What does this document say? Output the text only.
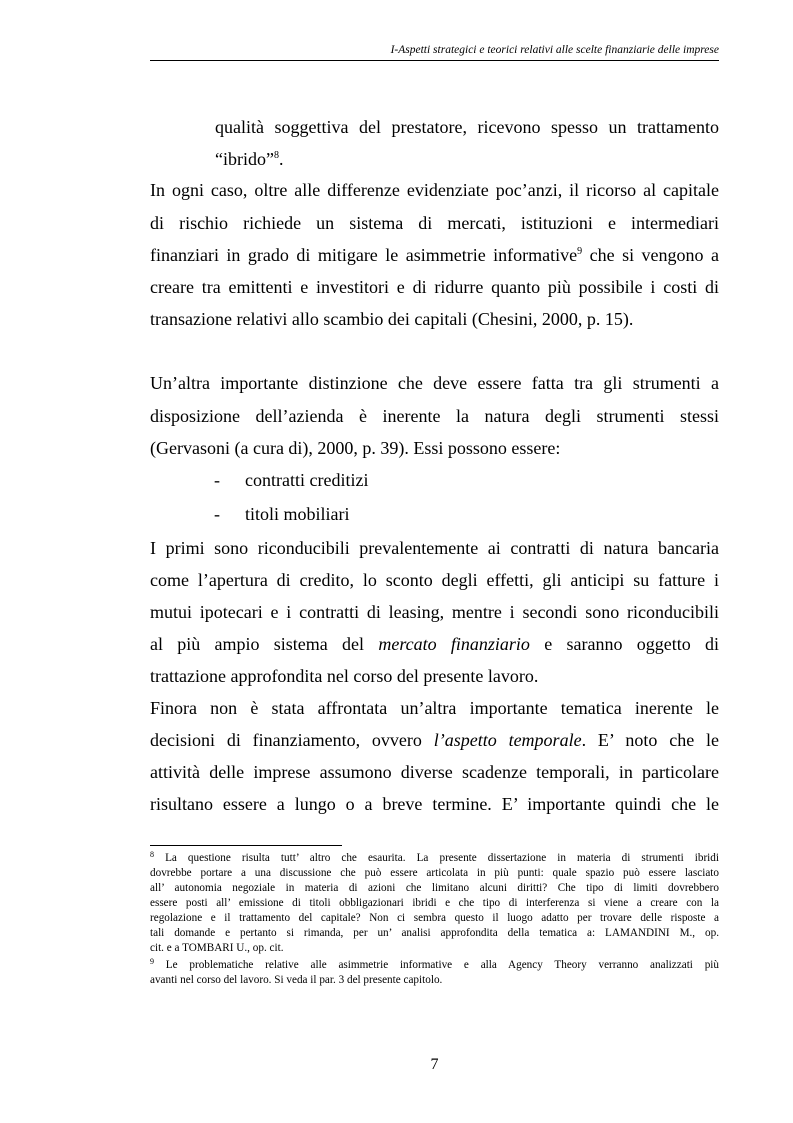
I-Aspetti strategici e teorici relativi alle scelte finanziarie delle imprese
qualità soggettiva del prestatore, ricevono spesso un trattamento
“ibrido”$^8$.
In ogni caso, oltre alle differenze evidenziate poc’anzi, il ricorso al capitale
di rischio richiede un sistema di mercati, istituzioni e intermediari
finanziari in grado di mitigare le asimmetrie informative$^9$ che si vengono a
creare tra emittenti e investitori e di ridurre quanto più possibile i costi di
transazione relativi allo scambio dei capitali (Chesini, 2000, p. 15).
Un’altra importante distinzione che deve essere fatta tra gli strumenti a
disposizione dell’azienda è inerente la natura degli strumenti stessi
(Gervasoni (a cura di), 2000, p. 39). Essi possono essere:
-	contratti creditizi
-	titoli mobiliari
I primi sono riconducibili prevalentemente ai contratti di natura bancaria
come l’apertura di credito, lo sconto degli effetti, gli anticipi su fatture i
mutui ipotecari e i contratti di leasing, mentre i secondi sono riconducibili
al più ampio sistema del mercato finanziario e saranno oggetto di
trattazione approfondita nel corso del presente lavoro.
Finora non è stata affrontata un’altra importante tematica inerente le
decisioni di finanziamento, ovvero l’aspetto temporale. E’ noto che le
attività delle imprese assumono diverse scadenze temporali, in particolare
risultano essere a lungo o a breve termine. E’ importante quindi che le
$^8$ La questione risulta tutt’ altro che esaurita. La presente dissertazione in materia di strumenti ibridi
dovrebbe portare a una discussione che può essere articolata in più punti: quale spazio può essere lasciato
all’ autonomia negoziale in materia di azioni che limitano alcuni diritti? Che tipo di limiti dovrebbero
essere posti all’ emissione di titoli obbligazionari ibridi e che tipo di interferenza si viene a creare con la
regolazione e il trattamento del capitale? Non ci sembra questo il luogo adatto per trovare delle risposte a
tali domande e pertanto si rimanda, per un’ analisi approfondita della tematica a: LAMANDINI M., op.
cit. e a TOMBARI U., op. cit.
$^9$ Le problematiche relative alle asimmetrie informative e alla Agency Theory verranno analizzati più
avanti nel corso del lavoro. Si veda il par. 3 del presente capitolo.
7
